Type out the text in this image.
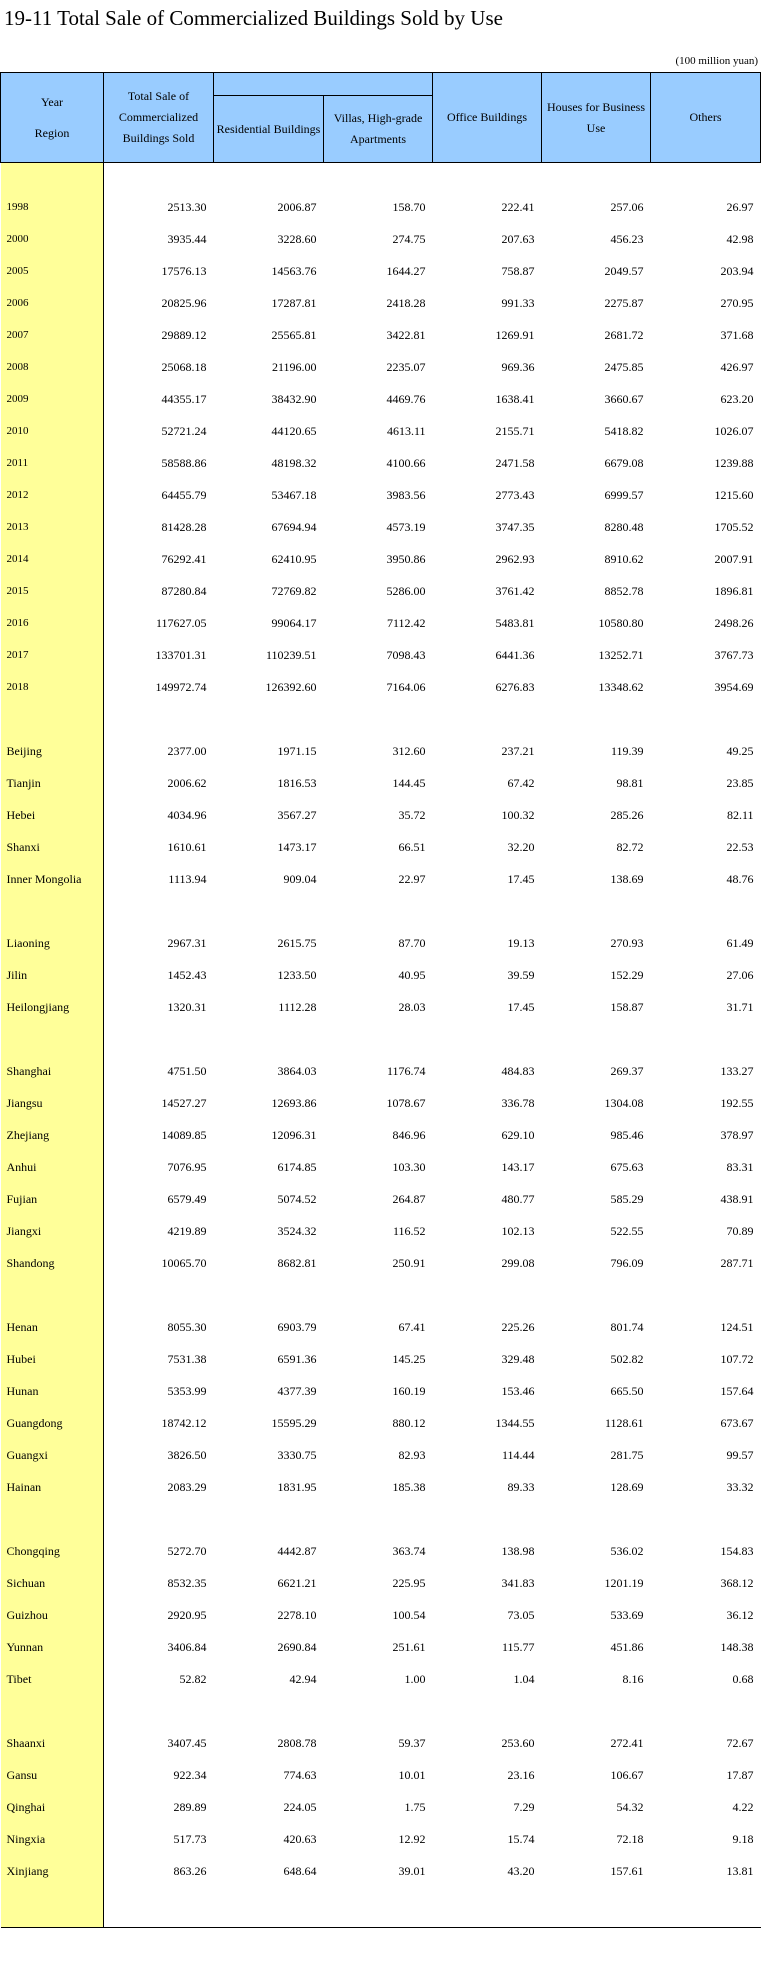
19-11 Total Sale of Commercialized Buildings Sold by Use
(100 million yuan)
Year
Region	Total Sale of Commercialized Buildings Sold			Office Buildings	Houses for Business Use	Others
		Residential Buildings	Villas, High-grade Apartments			

1998	2513.30	2006.87	158.70	222.41	257.06	26.97
2000	3935.44	3228.60	274.75	207.63	456.23	42.98
2005	17576.13	14563.76	1644.27	758.87	2049.57	203.94
2006	20825.96	17287.81	2418.28	991.33	2275.87	270.95
2007	29889.12	25565.81	3422.81	1269.91	2681.72	371.68
2008	25068.18	21196.00	2235.07	969.36	2475.85	426.97
2009	44355.17	38432.90	4469.76	1638.41	3660.67	623.20
2010	52721.24	44120.65	4613.11	2155.71	5418.82	1026.07
2011	58588.86	48198.32	4100.66	2471.58	6679.08	1239.88
2012	64455.79	53467.18	3983.56	2773.43	6999.57	1215.60
2013	81428.28	67694.94	4573.19	3747.35	8280.48	1705.52
2014	76292.41	62410.95	3950.86	2962.93	8910.62	2007.91
2015	87280.84	72769.82	5286.00	3761.42	8852.78	1896.81
2016	117627.05	99064.17	7112.42	5483.81	10580.80	2498.26
2017	133701.31	110239.51	7098.43	6441.36	13252.71	3767.73
2018	149972.74	126392.60	7164.06	6276.83	13348.62	3954.69

Beijing	2377.00	1971.15	312.60	237.21	119.39	49.25
Tianjin	2006.62	1816.53	144.45	67.42	98.81	23.85
Hebei	4034.96	3567.27	35.72	100.32	285.26	82.11
Shanxi	1610.61	1473.17	66.51	32.20	82.72	22.53
Inner Mongolia	1113.94	909.04	22.97	17.45	138.69	48.76

Liaoning	2967.31	2615.75	87.70	19.13	270.93	61.49
Jilin	1452.43	1233.50	40.95	39.59	152.29	27.06
Heilongjiang	1320.31	1112.28	28.03	17.45	158.87	31.71

Shanghai	4751.50	3864.03	1176.74	484.83	269.37	133.27
Jiangsu	14527.27	12693.86	1078.67	336.78	1304.08	192.55
Zhejiang	14089.85	12096.31	846.96	629.10	985.46	378.97
Anhui	7076.95	6174.85	103.30	143.17	675.63	83.31
Fujian	6579.49	5074.52	264.87	480.77	585.29	438.91
Jiangxi	4219.89	3524.32	116.52	102.13	522.55	70.89
Shandong	10065.70	8682.81	250.91	299.08	796.09	287.71

Henan	8055.30	6903.79	67.41	225.26	801.74	124.51
Hubei	7531.38	6591.36	145.25	329.48	502.82	107.72
Hunan	5353.99	4377.39	160.19	153.46	665.50	157.64
Guangdong	18742.12	15595.29	880.12	1344.55	1128.61	673.67
Guangxi	3826.50	3330.75	82.93	114.44	281.75	99.57
Hainan	2083.29	1831.95	185.38	89.33	128.69	33.32

Chongqing	5272.70	4442.87	363.74	138.98	536.02	154.83
Sichuan	8532.35	6621.21	225.95	341.83	1201.19	368.12
Guizhou	2920.95	2278.10	100.54	73.05	533.69	36.12
Yunnan	3406.84	2690.84	251.61	115.77	451.86	148.38
Tibet	52.82	42.94	1.00	1.04	8.16	0.68

Shaanxi	3407.45	2808.78	59.37	253.60	272.41	72.67
Gansu	922.34	774.63	10.01	23.16	106.67	17.87
Qinghai	289.89	224.05	1.75	7.29	54.32	4.22
Ningxia	517.73	420.63	12.92	15.74	72.18	9.18
Xinjiang	863.26	648.64	39.01	43.20	157.61	13.81
